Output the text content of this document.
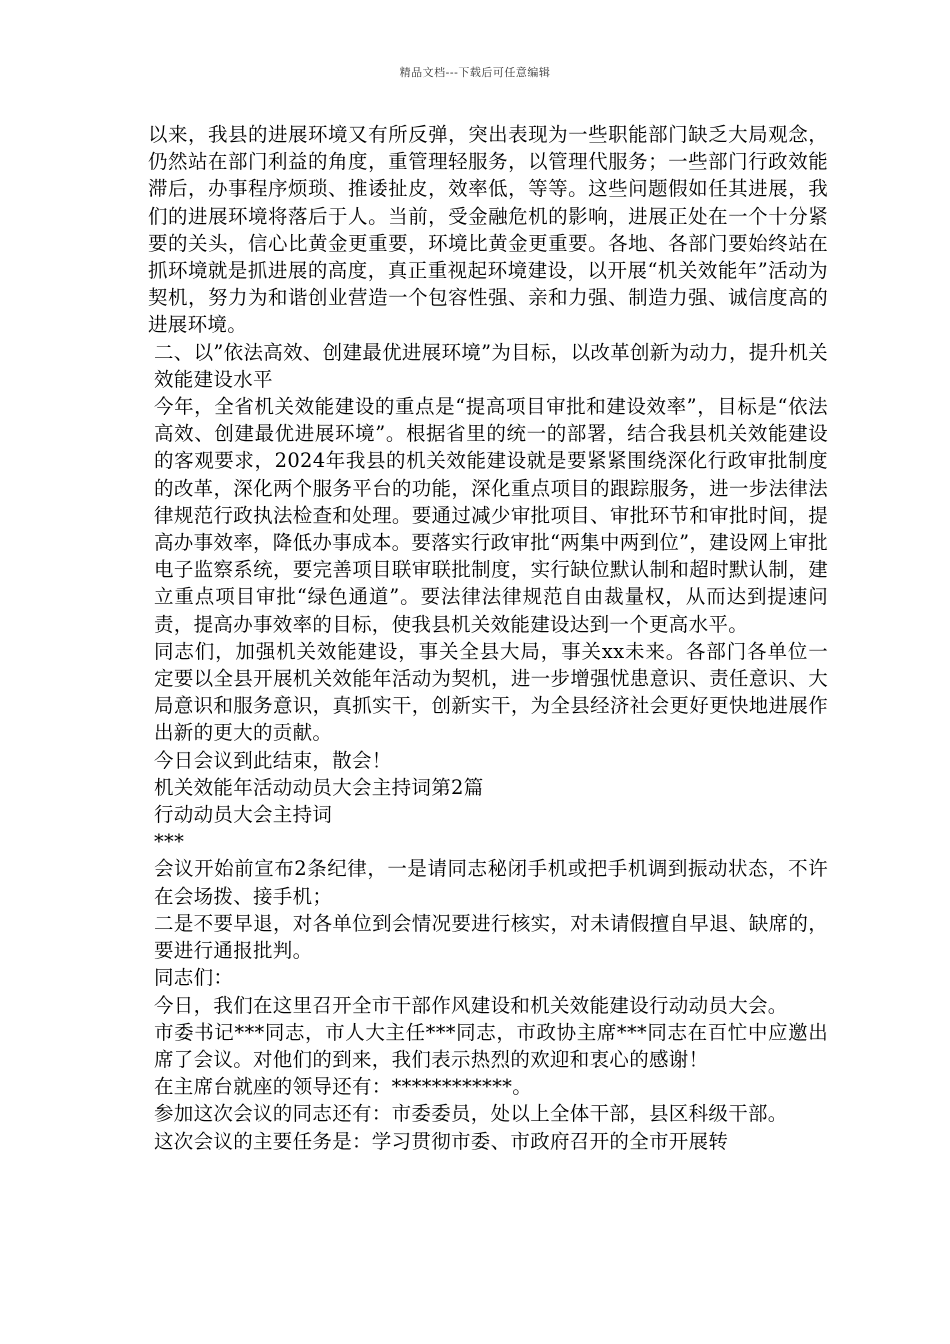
精品文档---下载后可任意编辑

以来，我县的进展环境又有所反弹，突出表现为一些职能部门缺乏大局观念，仍然站在部门利益的角度，重管理轻服务，以管理代服务；一些部门行政效能滞后，办事程序烦琐、推诿扯皮，效率低，等等。这些问题假如任其进展，我们的进展环境将落后于人。当前，受金融危机的影响，进展正处在一个十分紧要的关头，信心比黄金更重要，环境比黄金更重要。各地、各部门要始终站在抓环境就是抓进展的高度，真正重视起环境建设，以开展“机关效能年”活动为契机，努力为和谐创业营造一个包容性强、亲和力强、制造力强、诚信度高的进展环境。

二、以”依法高效、创建最优进展环境”为目标，以改革创新为动力，提升机关效能建设水平

今年，全省机关效能建设的重点是“提高项目审批和建设效率”，目标是“依法高效、创建最优进展环境”。根据省里的统一的部署，结合我县机关效能建设的客观要求，2024年我县的机关效能建设就是要紧紧围绕深化行政审批制度的改革，深化两个服务平台的功能，深化重点项目的跟踪服务，进一步法律法律规范行政执法检查和处理。要通过减少审批项目、审批环节和审批时间，提高办事效率，降低办事成本。要落实行政审批“两集中两到位”，建设网上审批电子监察系统，要完善项目联审联批制度，实行缺位默认制和超时默认制，建立重点项目审批“绿色通道”。要法律法律规范自由裁量权，从而达到提速问责，提高办事效率的目标，使我县机关效能建设达到一个更高水平。

同志们，加强机关效能建设，事关全县大局，事关xx未来。各部门各单位一定要以全县开展机关效能年活动为契机，进一步增强忧患意识、责任意识、大局意识和服务意识，真抓实干，创新实干，为全县经济社会更好更快地进展作出新的更大的贡献。

今日会议到此结束，散会！

机关效能年活动动员大会主持词第2篇

行动动员大会主持词

***

会议开始前宣布2条纪律，一是请同志秘闭手机或把手机调到振动状态，不许在会场拨、接手机；

二是不要早退，对各单位到会情况要进行核实，对未请假擅自早退、缺席的，要进行通报批判。

同志们：

今日，我们在这里召开全市干部作风建设和机关效能建设行动动员大会。

市委书记***同志，市人大主任***同志，市政协主席***同志在百忙中应邀出席了会议。对他们的到来，我们表示热烈的欢迎和衷心的感谢！

在主席台就座的领导还有：************。

参加这次会议的同志还有：市委委员，处以上全体干部，县区科级干部。

这次会议的主要任务是：学习贯彻市委、市政府召开的全市开展转
